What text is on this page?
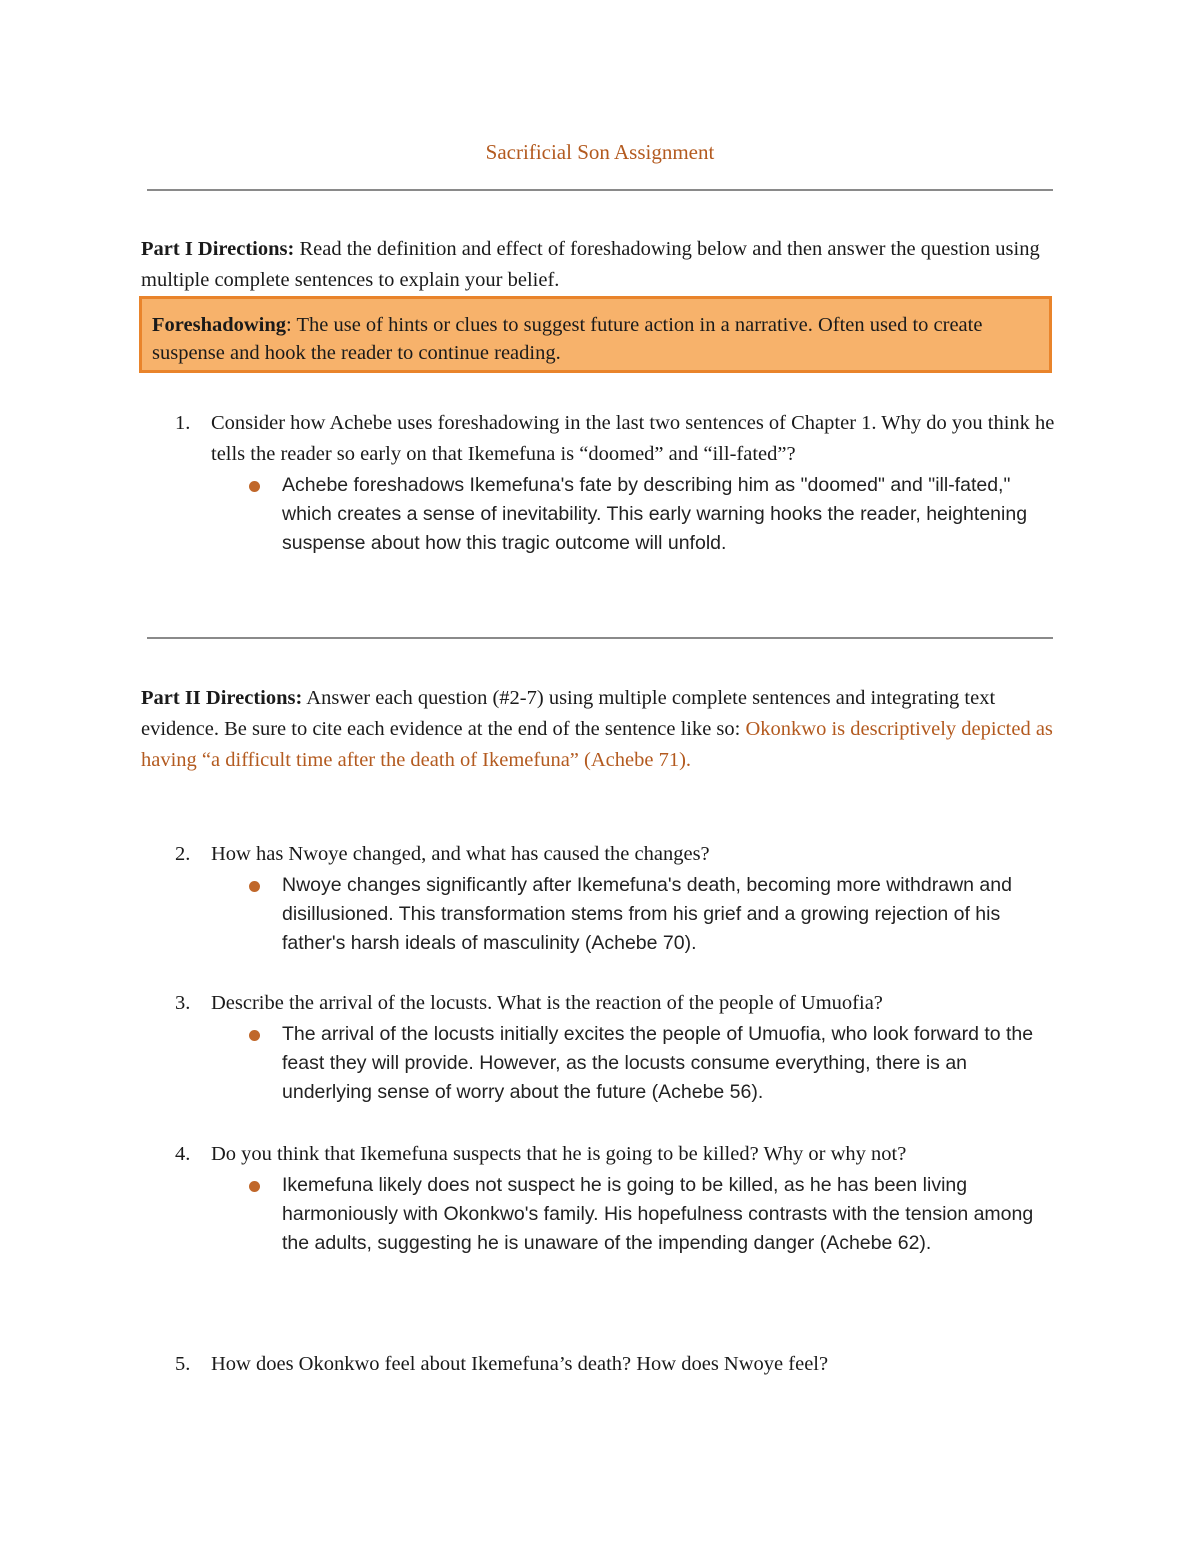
Sacrificial Son Assignment
Part I Directions: Read the definition and effect of foreshadowing below and then answer the question using multiple complete sentences to explain your belief.
Foreshadowing: The use of hints or clues to suggest future action in a narrative. Often used to create suspense and hook the reader to continue reading.
1.	Consider how Achebe uses foreshadowing in the last two sentences of Chapter 1. Why do you think he tells the reader so early on that Ikemefuna is “doomed” and “ill-fated”?
Achebe foreshadows Ikemefuna's fate by describing him as "doomed" and "ill-fated," which creates a sense of inevitability. This early warning hooks the reader, heightening suspense about how this tragic outcome will unfold.
Part II Directions: Answer each question (#2-7) using multiple complete sentences and integrating text evidence. Be sure to cite each evidence at the end of the sentence like so: Okonkwo is descriptively depicted as having “a difficult time after the death of Ikemefuna” (Achebe 71).
2.	How has Nwoye changed, and what has caused the changes?
Nwoye changes significantly after Ikemefuna's death, becoming more withdrawn and disillusioned. This transformation stems from his grief and a growing rejection of his father's harsh ideals of masculinity (Achebe 70).
3.	Describe the arrival of the locusts. What is the reaction of the people of Umuofia?
The arrival of the locusts initially excites the people of Umuofia, who look forward to the feast they will provide. However, as the locusts consume everything, there is an underlying sense of worry about the future (Achebe 56).
4.	Do you think that Ikemefuna suspects that he is going to be killed? Why or why not?
Ikemefuna likely does not suspect he is going to be killed, as he has been living harmoniously with Okonkwo's family. His hopefulness contrasts with the tension among the adults, suggesting he is unaware of the impending danger (Achebe 62).
5.	How does Okonkwo feel about Ikemefuna’s death? How does Nwoye feel?
